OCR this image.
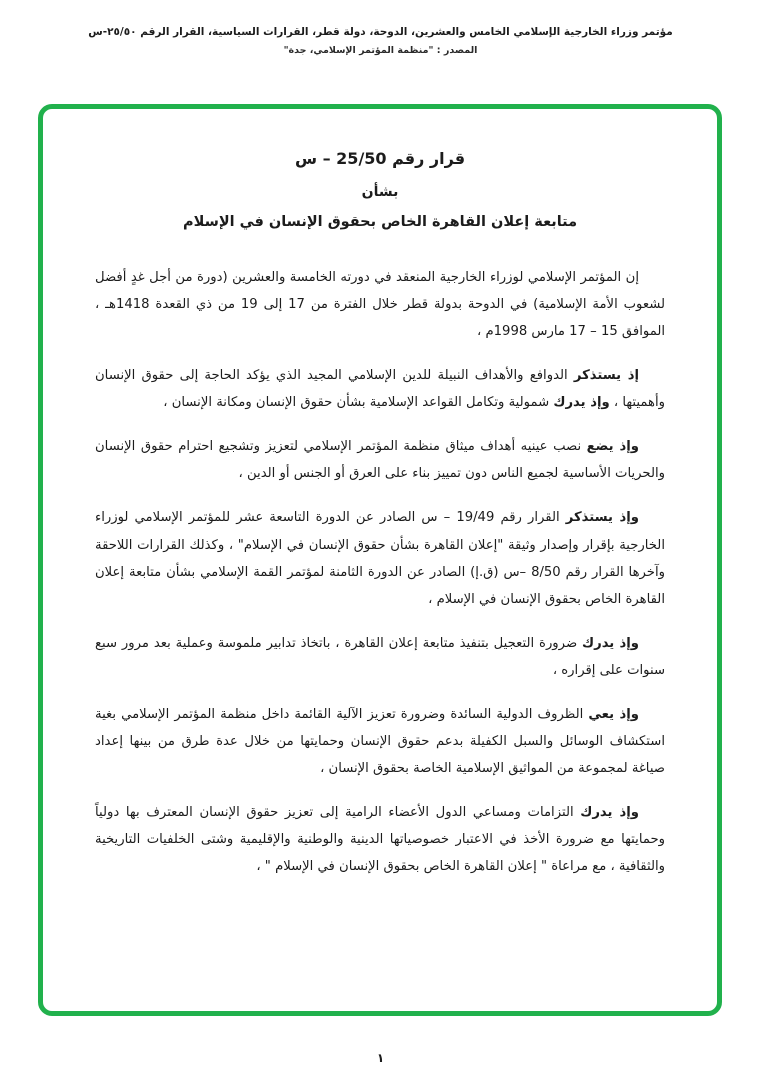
مؤتمر وزراء الخارجية الإسلامي الخامس والعشرين، الدوحة، دولة قطر، القرارات السياسية، القرار الرقم ٢٥/٥٠-س
المصدر : "منظمة المؤتمر الإسلامي، جدة"
قرار رقم 25/50 – س
بشأن
متابعة إعلان القاهرة الخاص بحقوق الإنسان في الإسلام

إن المؤتمر الإسلامي لوزراء الخارجية المنعقد في دورته الخامسة والعشرين (دورة من أجل غدٍ أفضل لشعوب الأمة الإسلامية) في الدوحة بدولة قطر خلال الفترة من 17 إلى 19 من ذي القعدة 1418هـ ، الموافق 15 – 17 مارس 1998م ،

إذ يستذكر الدوافع والأهداف النبيلة للدين الإسلامي المجيد الذي يؤكد الحاجة إلى حقوق الإنسان وأهميتها ، وإذ يدرك شمولية وتكامل القواعد الإسلامية بشأن حقوق الإنسان ومكانة الإنسان ،

وإذ يضع نصب عينيه أهداف ميثاق منظمة المؤتمر الإسلامي لتعزيز وتشجيع احترام حقوق الإنسان والحريات الأساسية لجميع الناس دون تمييز بناء على العرق أو الجنس أو الدين ،

وإذ يستذكر القرار رقم 19/49 – س الصادر عن الدورة التاسعة عشر للمؤتمر الإسلامي لوزراء الخارجية بإقرار وإصدار وثيقة "إعلان القاهرة بشأن حقوق الإنسان في الإسلام" ، وكذلك القرارات اللاحقة وآخرها القرار رقم 8/50 –س (ق.إ) الصادر عن الدورة الثامنة لمؤتمر القمة الإسلامي بشأن متابعة إعلان القاهرة الخاص بحقوق الإنسان في الإسلام ،

وإذ يدرك ضرورة التعجيل بتنفيذ متابعة إعلان القاهرة ، باتخاذ تدابير ملموسة وعملية بعد مرور سبع سنوات على إقراره ،

وإذ يعي الظروف الدولية السائدة وضرورة تعزيز الآلية القائمة داخل منظمة المؤتمر الإسلامي بغية استكشاف الوسائل والسبل الكفيلة بدعم حقوق الإنسان وحمايتها من خلال عدة طرق من بينها إعداد صياغة لمجموعة من المواثيق الإسلامية الخاصة بحقوق الإنسان ،

وإذ يدرك التزامات ومساعي الدول الأعضاء الرامية إلى تعزيز حقوق الإنسان المعترف بها دولياً وحمايتها مع ضرورة الأخذ في الاعتبار خصوصياتها الدينية والوطنية والإقليمية وشتى الخلفيات التاريخية والثقافية ، مع مراعاة " إعلان القاهرة الخاص بحقوق الإنسان في الإسلام " ،

١
